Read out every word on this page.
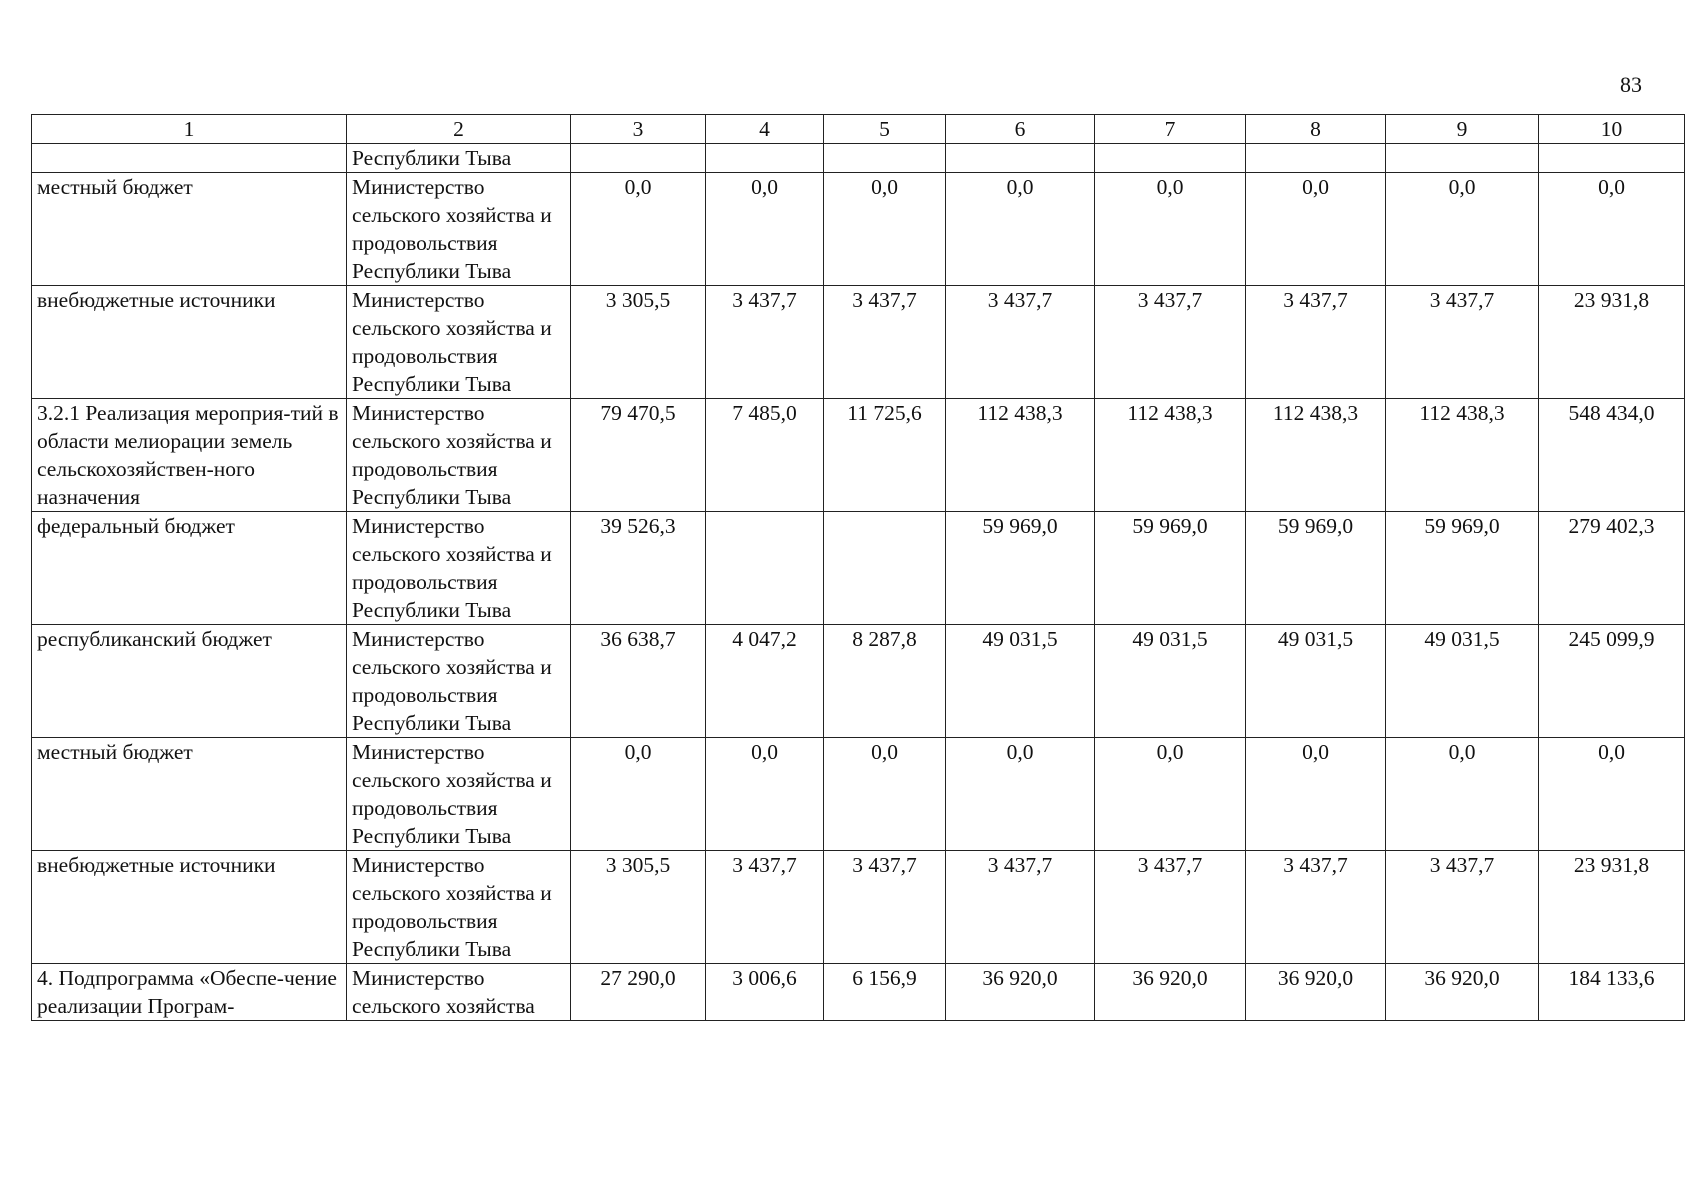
83
1	2	3	4	5	6	7	8	9	10
	Республики Тыва								
местный бюджет	Министерство сельского хозяйства и продовольствия Республики Тыва	0,0	0,0	0,0	0,0	0,0	0,0	0,0	0,0
внебюджетные источники	Министерство сельского хозяйства и продовольствия Республики Тыва	3 305,5	3 437,7	3 437,7	3 437,7	3 437,7	3 437,7	3 437,7	23 931,8
3.2.1 Реализация мероприя-тий в области мелиорации земель сельскохозяйствен-ного назначения	Министерство сельского хозяйства и продовольствия Республики Тыва	79 470,5	7 485,0	11 725,6	112 438,3	112 438,3	112 438,3	112 438,3	548 434,0
федеральный бюджет	Министерство сельского хозяйства и продовольствия Республики Тыва	39 526,3			59 969,0	59 969,0	59 969,0	59 969,0	279 402,3
республиканский бюджет	Министерство сельского хозяйства и продовольствия Республики Тыва	36 638,7	4 047,2	8 287,8	49 031,5	49 031,5	49 031,5	49 031,5	245 099,9
местный бюджет	Министерство сельского хозяйства и продовольствия Республики Тыва	0,0	0,0	0,0	0,0	0,0	0,0	0,0	0,0
внебюджетные источники	Министерство сельского хозяйства и продовольствия Республики Тыва	3 305,5	3 437,7	3 437,7	3 437,7	3 437,7	3 437,7	3 437,7	23 931,8
4. Подпрограмма «Обеспе-чение реализации Програм-	Министерство сельского хозяйства	27 290,0	3 006,6	6 156,9	36 920,0	36 920,0	36 920,0	36 920,0	184 133,6
